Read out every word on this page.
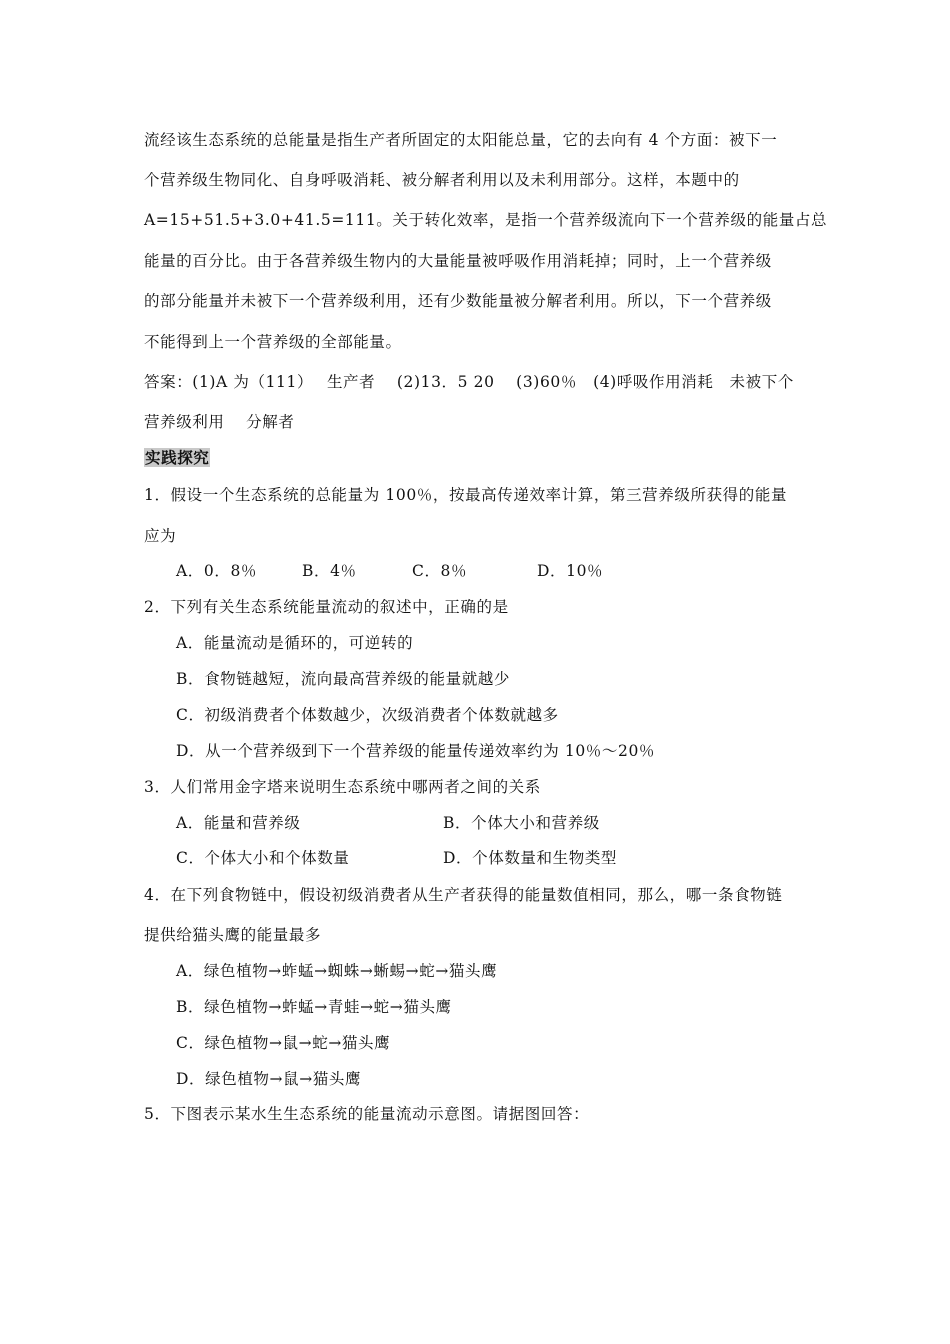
流经该生态系统的总能量是指生产者所固定的太阳能总量，它的去向有 4 个方面：被下一
个营养级生物同化、自身呼吸消耗、被分解者利用以及未利用部分。这样，本题中的
A=15+51.5+3.0+41.5=111。关于转化效率，是指一个营养级流向下一个营养级的能量占总
能量的百分比。由于各营养级生物内的大量能量被呼吸作用消耗掉；同时，上一个营养级
的部分能量并未被下一个营养级利用，还有少数能量被分解者利用。所以，下一个营养级
不能得到上一个营养级的全部能量。
答案：(1)A 为（111）　 生产者　 (2)13．5 20　 (3)60％　(4)呼吸作用消耗　未被下个
营养级利用　 分解者
实践探究
1．假设一个生态系统的总能量为 100％，按最高传递效率计算，第三营养级所获得的能量
应为
A．0．8％	B．4％	C．8％	D．10％
2．下列有关生态系统能量流动的叙述中，正确的是
A．能量流动是循环的，可逆转的
B．食物链越短，流向最高营养级的能量就越少
C．初级消费者个体数越少，次级消费者个体数就越多
D．从一个营养级到下一个营养级的能量传递效率约为 10％～20％
3．人们常用金字塔来说明生态系统中哪两者之间的关系
A．能量和营养级	B．个体大小和营养级
C．个体大小和个体数量	D．个体数量和生物类型
4．在下列食物链中，假设初级消费者从生产者获得的能量数值相同，那么，哪一条食物链
提供给猫头鹰的能量最多
A．绿色植物→蚱蜢→蜘蛛→蜥蜴→蛇→猫头鹰
B．绿色植物→蚱蜢→青蛙→蛇→猫头鹰
C．绿色植物→鼠→蛇→猫头鹰
D．绿色植物→鼠→猫头鹰
5．下图表示某水生生态系统的能量流动示意图。请据图回答：
